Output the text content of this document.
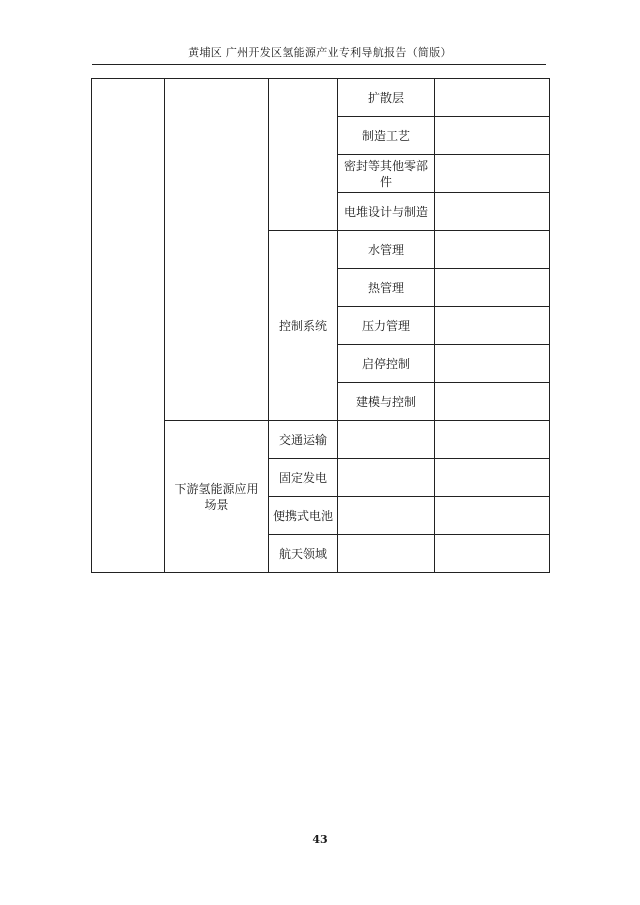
黄埔区 广州开发区氢能源产业专利导航报告（简版）
			扩散层	
			制造工艺	
			密封等其他零部件	
			电堆设计与制造	
		控制系统	水管理	
			热管理	
			压力管理	
			启停控制	
			建模与控制	
	下游氢能源应用场景	交通运输		
		固定发电		
		便携式电池		
		航天领域		
43
